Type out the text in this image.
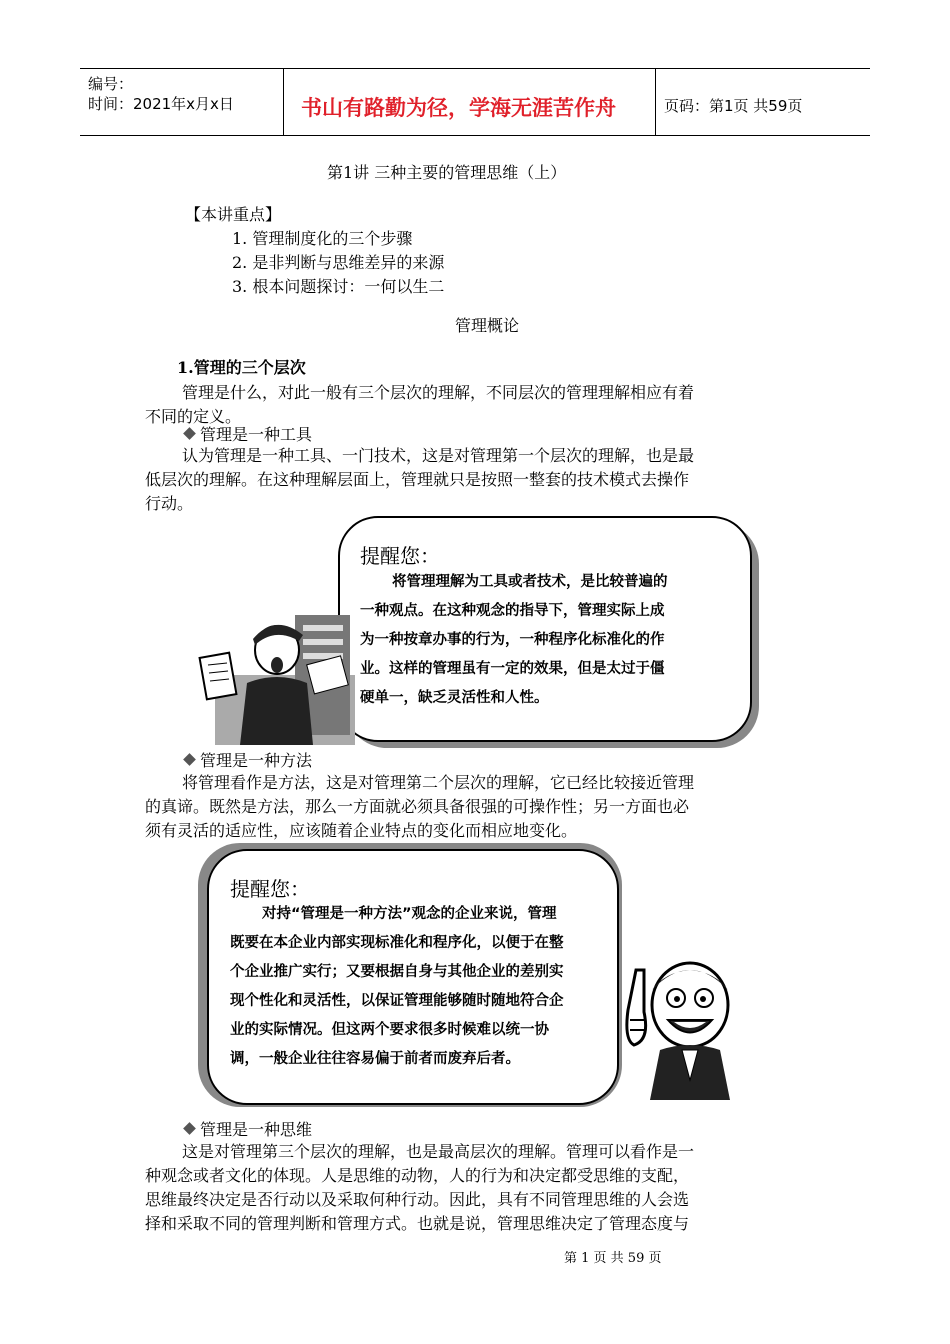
编号：
时间：2021年x月x日	书山有路勤为径，学海无涯苦作舟	页码：第1页 共59页
第1讲 三种主要的管理思维（上）
【本讲重点】
1. 管理制度化的三个步骤
2. 是非判断与思维差异的来源
3. 根本问题探讨：一何以生二
管理概论
1.管理的三个层次
管理是什么，对此一般有三个层次的理解，不同层次的管理理解相应有着
不同的定义。
管理是一种工具
认为管理是一种工具、一门技术，这是对管理第一个层次的理解，也是最
低层次的理解。在这种理解层面上，管理就只是按照一整套的技术模式去操作
行动。
提醒您：
将管理理解为工具或者技术，是比较普遍的
一种观点。在这种观念的指导下，管理实际上成
为一种按章办事的行为，一种程序化标准化的作
业。这样的管理虽有一定的效果，但是太过于僵
硬单一，缺乏灵活性和人性。
管理是一种方法
将管理看作是方法，这是对管理第二个层次的理解，它已经比较接近管理
的真谛。既然是方法，那么一方面就必须具备很强的可操作性；另一方面也必
须有灵活的适应性，应该随着企业特点的变化而相应地变化。
提醒您：
对持“管理是一种方法”观念的企业来说，管理
既要在本企业内部实现标准化和程序化，以便于在整
个企业推广实行；又要根据自身与其他企业的差别实
现个性化和灵活性，以保证管理能够随时随地符合企
业的实际情况。但这两个要求很多时候难以统一协
调，一般企业往往容易偏于前者而废弃后者。
管理是一种思维
这是对管理第三个层次的理解，也是最高层次的理解。管理可以看作是一
种观念或者文化的体现。人是思维的动物，人的行为和决定都受思维的支配，
思维最终决定是否行动以及采取何种行动。因此，具有不同管理思维的人会选
择和采取不同的管理判断和管理方式。也就是说，管理思维决定了管理态度与
第 1 页 共 59 页
